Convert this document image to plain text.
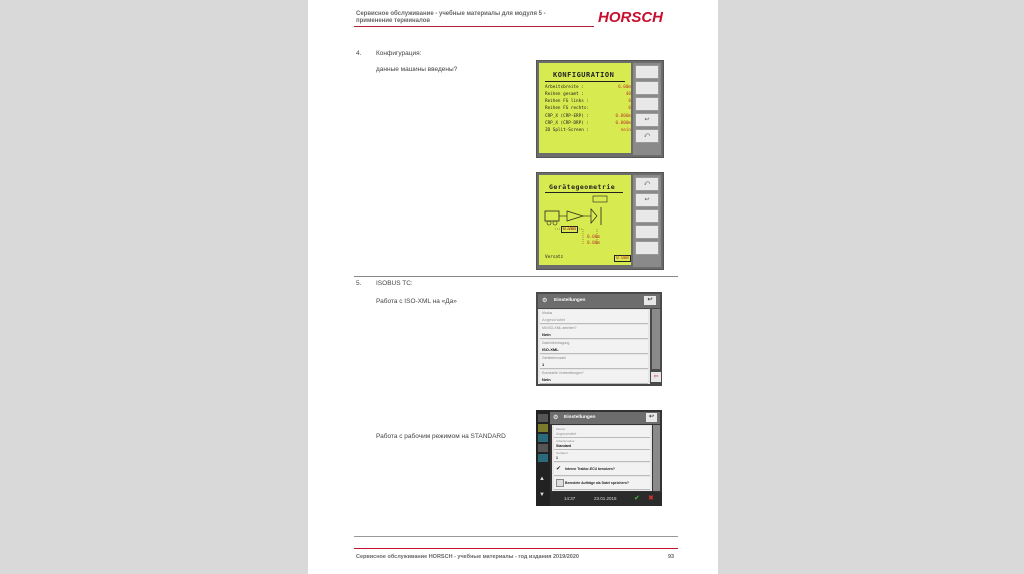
Сервисное обслуживание - учебные материалы для модуля 5 - применение терминалов	HORSCH
4. Конфигурация:
данные машины введены?
KONFIGURATION
Arbeitsbreite :	6.00m
Reihen gesamt :	40
Reihen FG links :	0
Reihen FG rechts:	0
CRP_X (CRP-ERP) :	0.000m
CRP_X (CRP-DRP) :	0.000m
3D Split-Screen :	nein
↩
⤺
Gerätegeometrie
0.00m
0.00m
0.00m
Versatz	0.00m
⤺
↩
5. ISOBUS TC:
Работа с ISO-XML на «Да»
Работа с рабочим режимом на STANDARD
⚙ Einstellungen	↩
Modus
Angeschaltet
Mit ISO-XML arbeiten?
Nein
Datenübertragung
ISO-XML
Gerätekennzahl
1
Eventuelle Vorbereitungen?
Nein	⇦
▲
▼
⚙ Einstellungen	↩
Modus
Angeschaltet
Arbeitsmodus
Standard
Gerätenr.
1
✔ Interne Traktor-ECU benutzen?
Beendete Aufträge als Datei speichern?
14:37	23.01.2018 ✔ ✖
Сервисное обслуживание HORSCH - учебные материалы - год издания 2019/2020	93
